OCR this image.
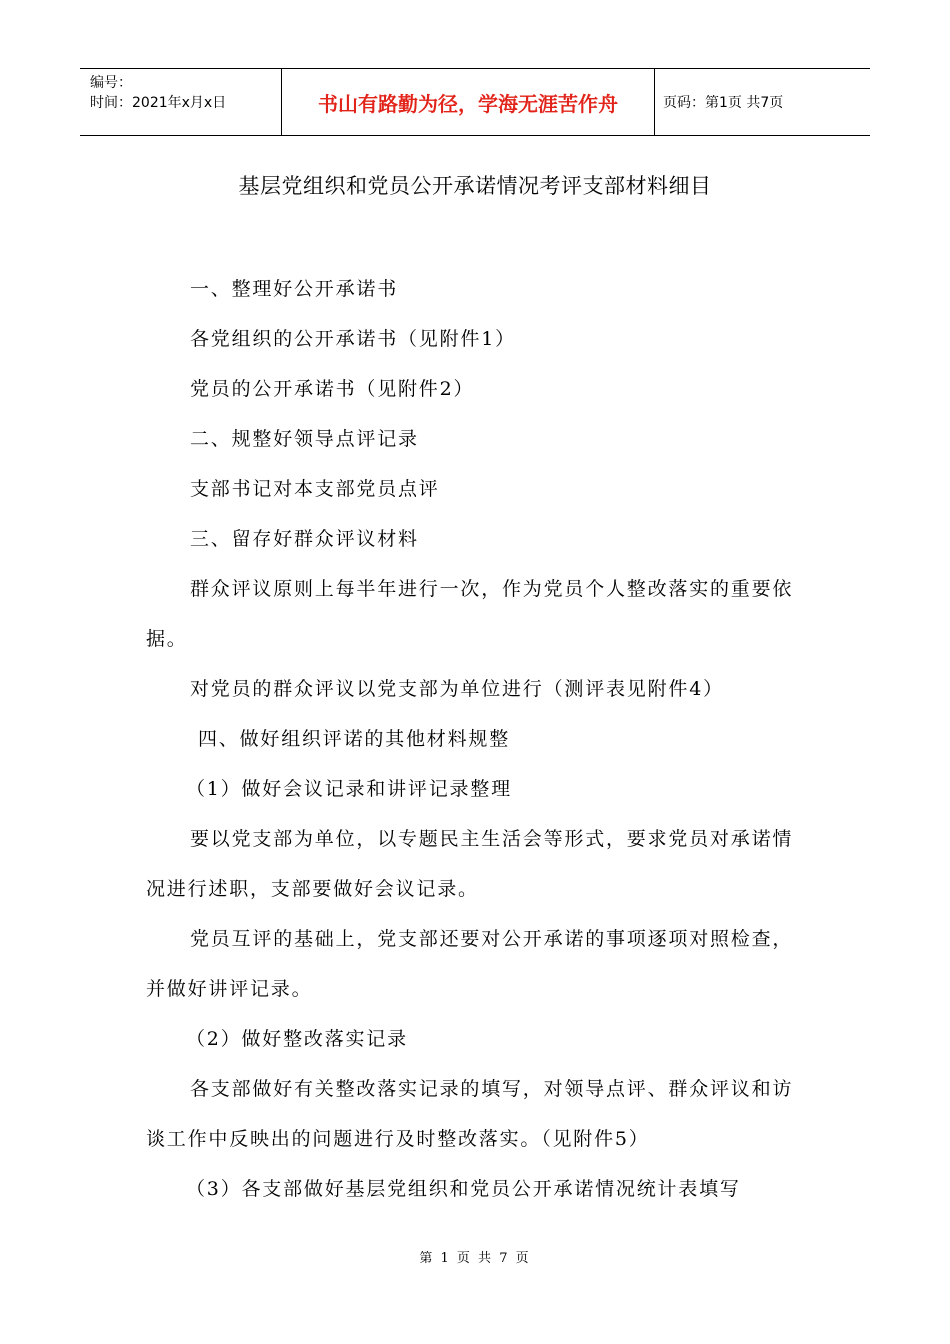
编号：
时间：2021年x月x日	书山有路勤为径，学海无涯苦作舟	页码：第1页 共7页
基层党组织和党员公开承诺情况考评支部材料细目

一、整理好公开承诺书

各党组织的公开承诺书（见附件1）

党员的公开承诺书（见附件2）

二、规整好领导点评记录

支部书记对本支部党员点评

三、留存好群众评议材料

群众评议原则上每半年进行一次，作为党员个人整改落实的重要依据。

对党员的群众评议以党支部为单位进行（测评表见附件4）

四、做好组织评诺的其他材料规整

（1）做好会议记录和讲评记录整理

要以党支部为单位，以专题民主生活会等形式，要求党员对承诺情况进行述职，支部要做好会议记录。

党员互评的基础上，党支部还要对公开承诺的事项逐项对照检查，并做好讲评记录。

（2）做好整改落实记录

各支部做好有关整改落实记录的填写，对领导点评、群众评议和访谈工作中反映出的问题进行及时整改落实。（见附件5）

（3）各支部做好基层党组织和党员公开承诺情况统计表填写

第 1 页 共 7 页
